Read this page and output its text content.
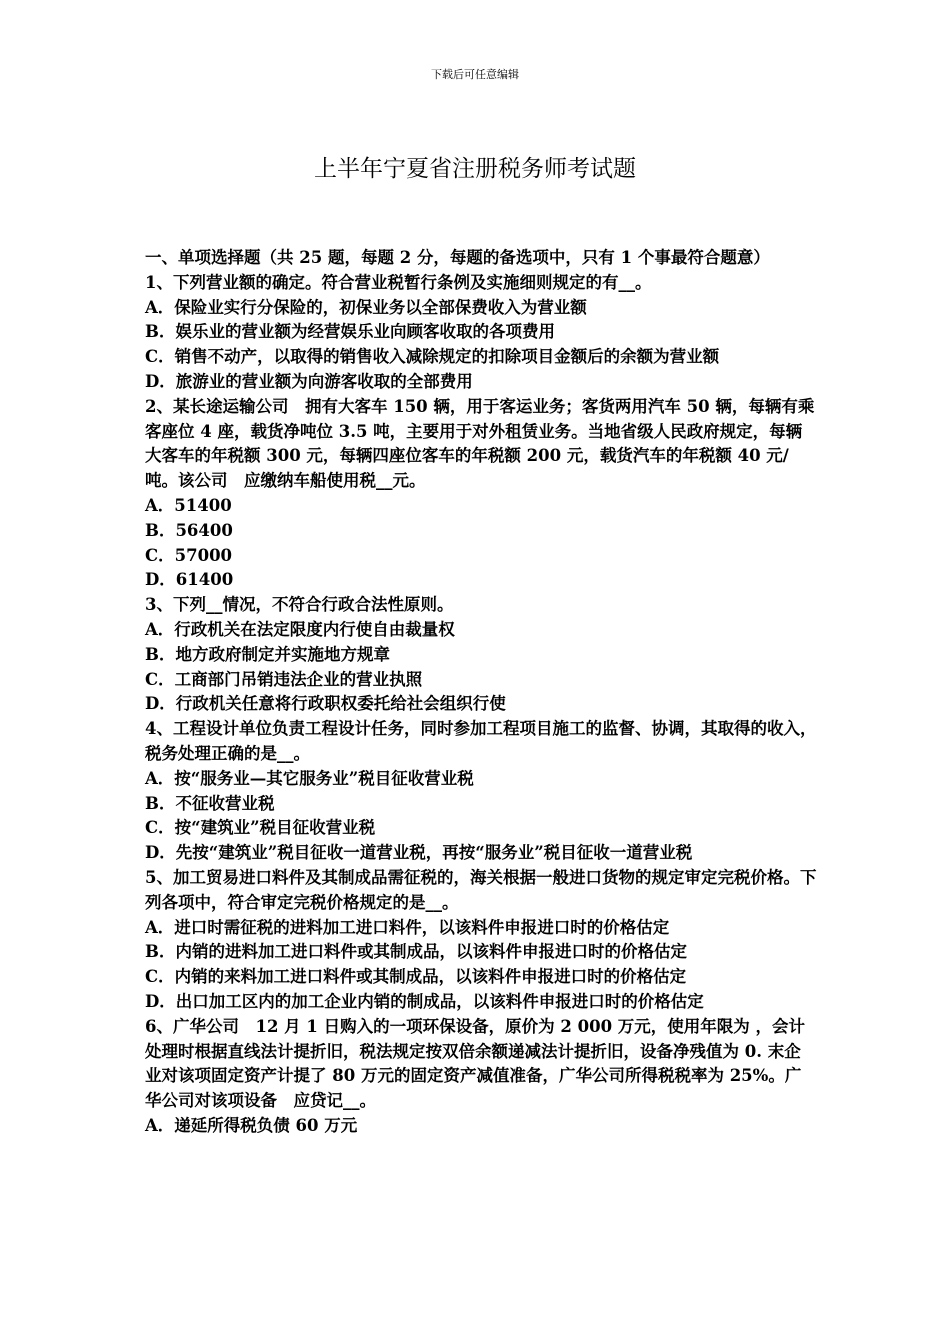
下载后可任意编辑
上半年宁夏省注册税务师考试题

一、单项选择题（共 25 题，每题 2 分，每题的备选项中，只有 1 个事最符合题意）

1、下列营业额的确定。符合营业税暂行条例及实施细则规定的有__。

A．保险业实行分保险的，初保业务以全部保费收入为营业额

B．娱乐业的营业额为经营娱乐业向顾客收取的各项费用

C．销售不动产，以取得的销售收入减除规定的扣除项目金额后的余额为营业额

D．旅游业的营业额为向游客收取的全部费用

2、某长途运输公司　拥有大客车 150 辆，用于客运业务；客货两用汽车 50 辆，每辆有乘客座位 4 座，载货净吨位 3.5 吨，主要用于对外租赁业务。当地省级人民政府规定，每辆大客车的年税额 300 元，每辆四座位客车的年税额 200 元，载货汽车的年税额 40 元/吨。该公司　应缴纳车船使用税__元。

A．51400

B．56400

C．57000

D．61400

3、下列__情况，不符合行政合法性原则。

A．行政机关在法定限度内行使自由裁量权

B．地方政府制定并实施地方规章

C．工商部门吊销违法企业的营业执照

D．行政机关任意将行政职权委托给社会组织行使

4、工程设计单位负责工程设计任务，同时参加工程项目施工的监督、协调，其取得的收入，税务处理正确的是__。

A．按“服务业—其它服务业”税目征收营业税

B．不征收营业税

C．按“建筑业”税目征收营业税

D．先按“建筑业”税目征收一道营业税，再按“服务业”税目征收一道营业税

5、加工贸易进口料件及其制成品需征税的，海关根据一般进口货物的规定审定完税价格。下列各项中，符合审定完税价格规定的是__。

A．进口时需征税的进料加工进口料件，以该料件申报进口时的价格估定

B．内销的进料加工进口料件或其制成品，以该料件申报进口时的价格估定

C．内销的来料加工进口料件或其制成品，以该料件申报进口时的价格估定

D．出口加工区内的加工企业内销的制成品，以该料件申报进口时的价格估定

6、广华公司　12 月 1 日购入的一项环保设备，原价为 2 000 万元，使用年限为 ，会计处理时根据直线法计提折旧，税法规定按双倍余额递减法计提折旧，设备净残值为 0. 末企业对该项固定资产计提了 80 万元的固定资产减值准备，广华公司所得税税率为 25%。广华公司对该项设备　应贷记__。

A．递延所得税负债 60 万元
